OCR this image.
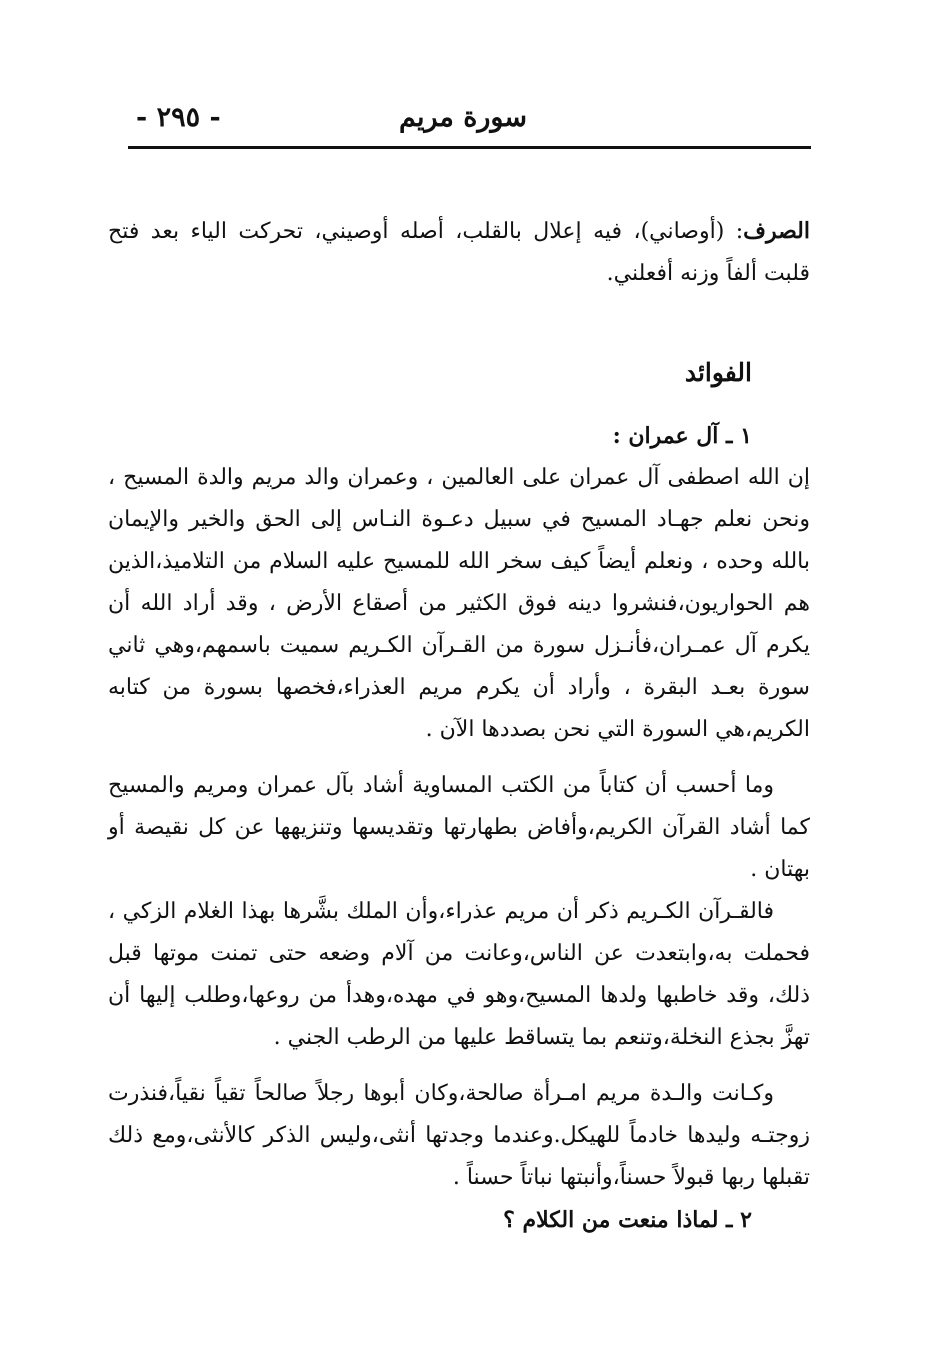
سورة مريم
- ٢٩٥ -

الصرف: (أوصاني)، فيه إعلال بالقلب، أصله أوصيني، تحركت الياء بعد فتح قلبت ألفاً وزنه أفعلني.

الفوائد
١ ـ آل عمران :

إن الله اصطفى آل عمران على العالمين ، وعمران والد مريم والدة المسيح ، ونحن نعلم جهـاد المسيح في سبيل دعـوة النـاس إلى الحق والخير والإيمان بالله وحده ، ونعلم أيضاً كيف سخر الله للمسيح عليه السلام من التلاميذ،الذين هم الحواريون،فنشروا دينه فوق الكثير من أصقاع الأرض ، وقد أراد الله أن يكرم آل عمـران،فأنـزل سورة من القـرآن الكـريم سميت باسمهم،وهي ثاني سورة بعـد البقرة ، وأراد أن يكرم مريم العذراء،فخصها بسورة من كتابه الكريم،هي السورة التي نحن بصددها الآن .

وما أحسب أن كتاباً من الكتب المساوية أشاد بآل عمران ومريم والمسيح كما أشاد القرآن الكريم،وأفاض بطهارتها وتقديسها وتنزيهها عن كل نقيصة أو بهتان .

فالقـرآن الكـريم ذكر أن مريم عذراء،وأن الملك بشَّرها بهذا الغلام الزكي ، فحملت به،وابتعدت عن الناس،وعانت من آلام وضعه حتى تمنت موتها قبل ذلك، وقد خاطبها ولدها المسيح،وهو في مهده،وهدأ من روعها،وطلب إليها أن تهزَّ بجذع النخلة،وتنعم بما يتساقط عليها من الرطب الجني .

وكـانت والـدة مريم امـرأة صالحة،وكان أبوها رجلاً صالحاً تقياً نقياً،فنذرت زوجتـه وليدها خادماً للهيكل.وعندما وجدتها أنثى،وليس الذكر كالأنثى،ومع ذلك تقبلها ربها قبولاً حسناً،وأنبتها نباتاً حسناً .

٢ ـ لماذا منعت من الكلام ؟
